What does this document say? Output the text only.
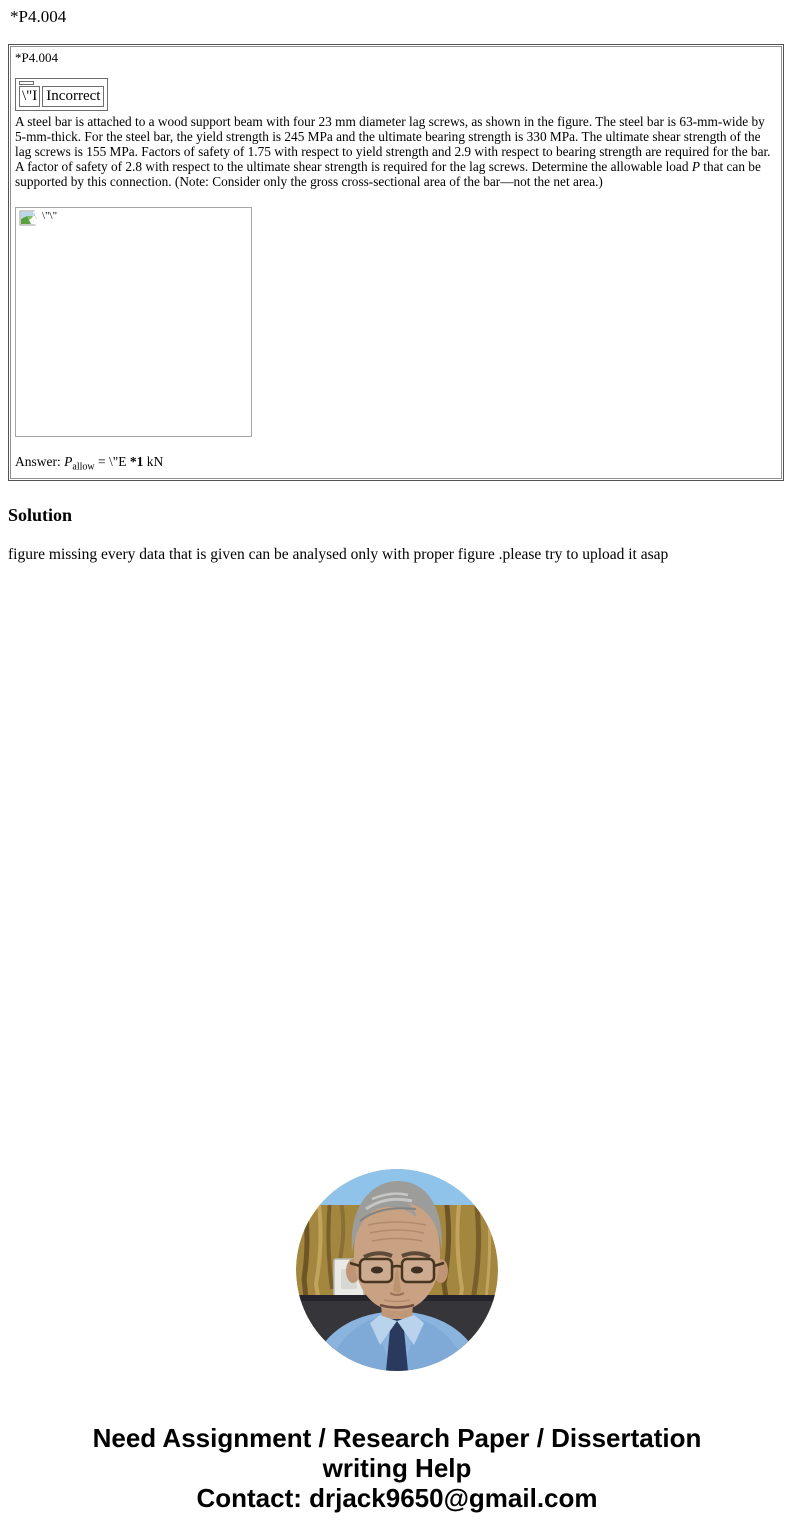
*P4.004
*P4.004
\"I Incorrect

A steel bar is attached to a wood support beam with four 23 mm diameter lag screws, as shown in the figure. The steel bar is 63-mm-wide by 5-mm-thick. For the steel bar, the yield strength is 245 MPa and the ultimate bearing strength is 330 MPa. The ultimate shear strength of the lag screws is 155 MPa. Factors of safety of 1.75 with respect to yield strength and 2.9 with respect to bearing strength are required for the bar. A factor of safety of 2.8 with respect to the ultimate shear strength is required for the lag screws. Determine the allowable load P that can be supported by this connection. (Note: Consider only the gross cross-sectional area of the bar—not the net area.)

\"\"
Answer: $P_{allow}$ = \"E *1 kN
Solution

figure missing every data that is given can be analysed only with proper figure .please try to upload it asap

Need Assignment / Research Paper / Dissertation
writing Help
Contact: drjack9650@gmail.com
